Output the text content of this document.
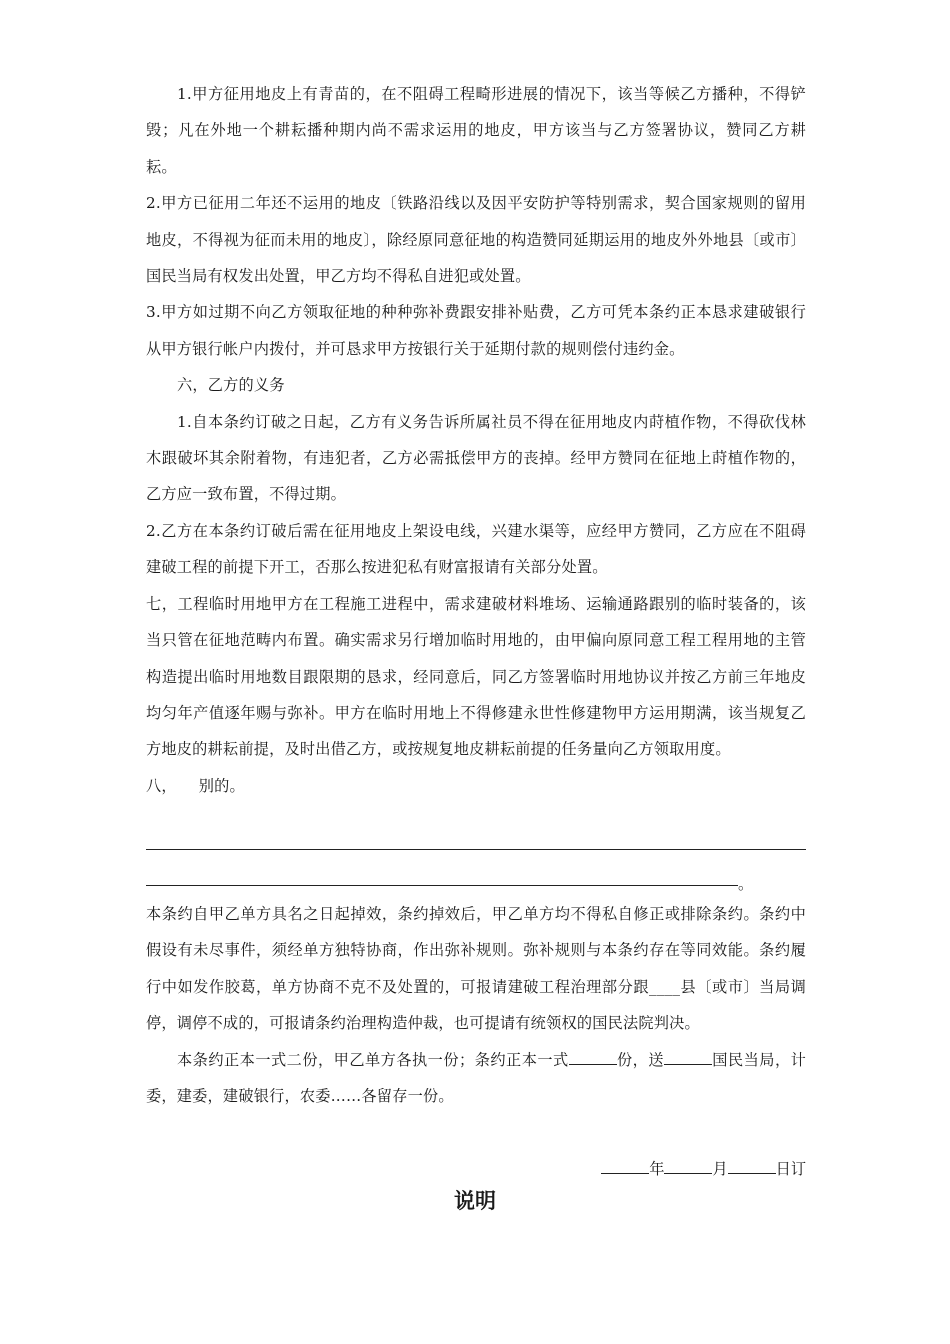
1.甲方征用地皮上有青苗的，在不阻碍工程畸形进展的情况下，该当等候乙方播种，不得铲毁；凡在外地一个耕耘播种期内尚不需求运用的地皮，甲方该当与乙方签署协议，赞同乙方耕耘。

2.甲方已征用二年还不运用的地皮〔铁路沿线以及因平安防护等特别需求，契合国家规则的留用地皮，不得视为征而未用的地皮〕，除经原同意征地的构造赞同延期运用的地皮外外地县〔或市〕国民当局有权发出处置，甲乙方均不得私自进犯或处置。

3.甲方如过期不向乙方领取征地的种种弥补费跟安排补贴费，乙方可凭本条约正本恳求建破银行从甲方银行帐户内拨付，并可恳求甲方按银行关于延期付款的规则偿付违约金。

六，乙方的义务

1.自本条约订破之日起，乙方有义务告诉所属社员不得在征用地皮内莳植作物，不得砍伐林木跟破坏其余附着物，有违犯者，乙方必需抵偿甲方的丧掉。经甲方赞同在征地上莳植作物的，乙方应一致布置，不得过期。

2.乙方在本条约订破后需在征用地皮上架设电线，兴建水渠等，应经甲方赞同，乙方应在不阻碍建破工程的前提下开工，否那么按进犯私有财富报请有关部分处置。

七，工程临时用地甲方在工程施工进程中，需求建破材料堆场、运输通路跟别的临时装备的，该当只管在征地范畴内布置。确实需求另行增加临时用地的，由甲偏向原同意工程工程用地的主管构造提出临时用地数目跟限期的恳求，经同意后，同乙方签署临时用地协议并按乙方前三年地皮均匀年产值逐年赐与弥补。甲方在临时用地上不得修建永世性修建物甲方运用期满，该当规复乙方地皮的耕耘前提，及时出借乙方，或按规复地皮耕耘前提的任务量向乙方领取用度。

八， 别的。

。

本条约自甲乙单方具名之日起掉效，条约掉效后，甲乙单方均不得私自修正或排除条约。条约中假设有未尽事件，须经单方独特协商，作出弥补规则。弥补规则与本条约存在等同效能。条约履行中如发作胶葛，单方协商不克不及处置的，可报请建破工程治理部分跟____县〔或市〕当局调停，调停不成的，可报请条约治理构造仲裁，也可提请有统领权的国民法院判决。

本条约正本一式二份，甲乙单方各执一份；条约正本一式	份，送	国民当局，计委，建委，建破银行，农委……各留存一份。

年	月	日订
说明
